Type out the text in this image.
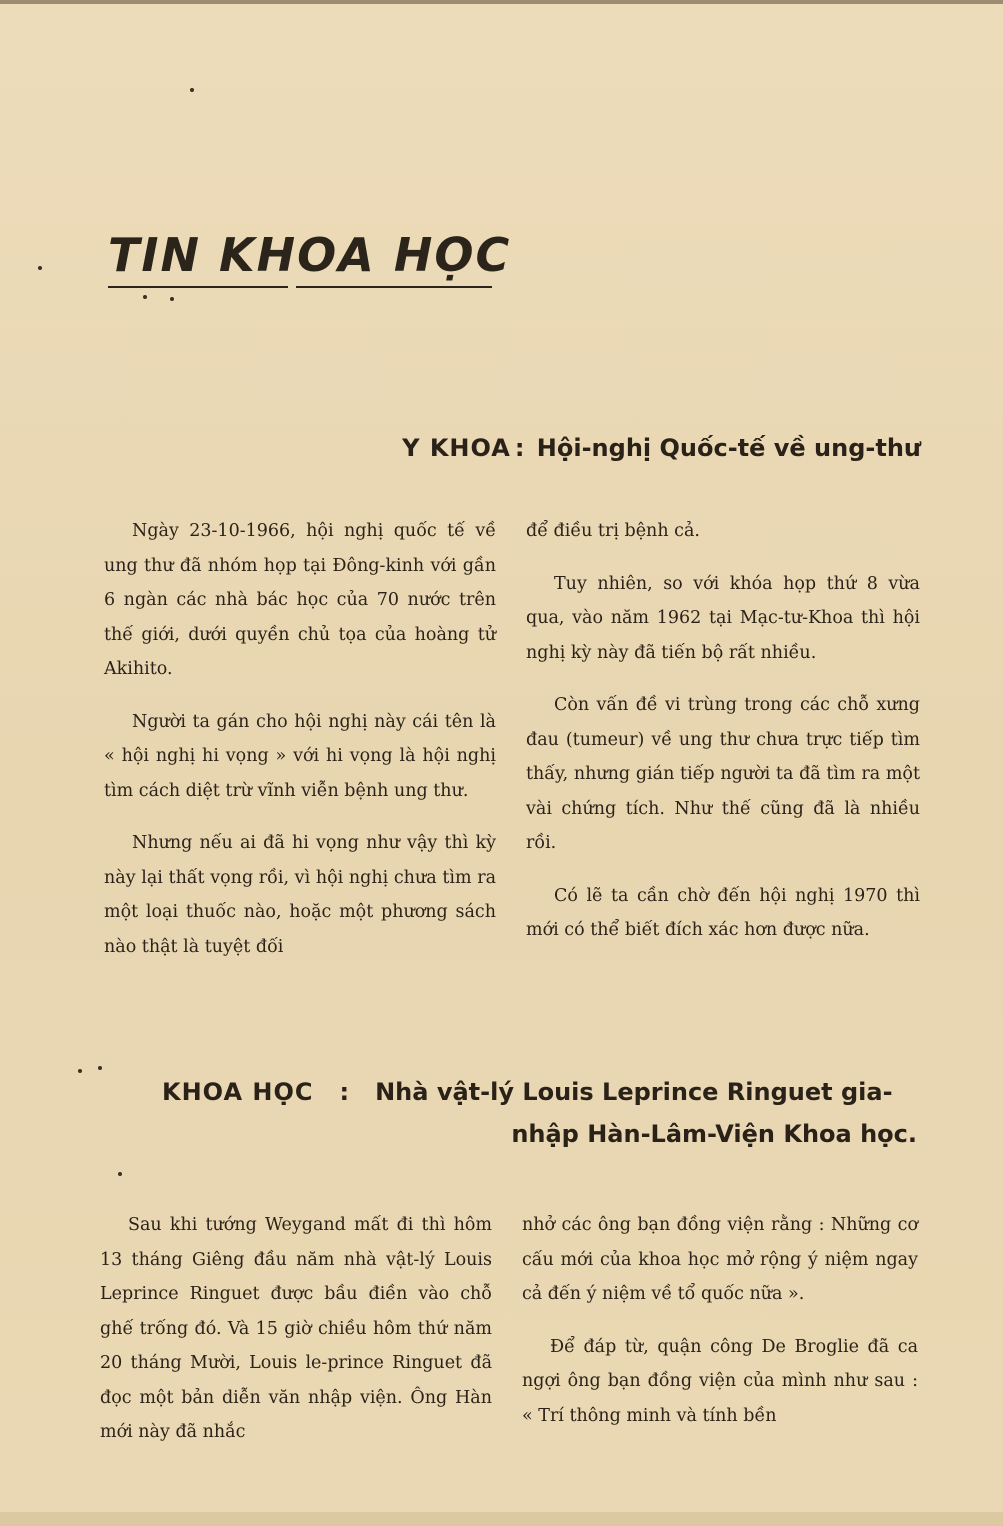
TIN KHOA HỌC
Y KHOA : Hội-nghị Quốc-tế về ung-thư

Ngày 23-10-1966, hội nghị quốc tế về ung thư đã nhóm họp tại Đông-kinh với gần 6 ngàn các nhà bác học của 70 nước trên thế giới, dưới quyền chủ tọa của hoàng tử Akihito.

Người ta gán cho hội nghị này cái tên là « hội nghị hi vọng » với hi vọng là hội nghị tìm cách diệt trừ vĩnh viễn bệnh ung thư.

Nhưng nếu ai đã hi vọng như vậy thì kỳ này lại thất vọng rồi, vì hội nghị chưa tìm ra một loại thuốc nào, hoặc một phương sách nào thật là tuyệt đối

để điều trị bệnh cả.

Tuy nhiên, so với khóa họp thứ 8 vừa qua, vào năm 1962 tại Mạc-tư-Khoa thì hội nghị kỳ này đã tiến bộ rất nhiều.

Còn vấn đề vi trùng trong các chỗ xưng đau (tumeur) về ung thư chưa trực tiếp tìm thấy, nhưng gián tiếp người ta đã tìm ra một vài chứng tích. Như thế cũng đã là nhiều rồi.

Có lẽ ta cần chờ đến hội nghị 1970 thì mới có thể biết đích xác hơn được nữa.

KHOA HỌC : Nhà vật-lý Louis Leprince Ringuet gia-
nhập Hàn-Lâm-Viện Khoa học.

Sau khi tướng Weygand mất đi thì hôm 13 tháng Giêng đầu năm nhà vật-lý Louis Leprince Ringuet được bầu điền vào chỗ ghế trống đó. Và 15 giờ chiều hôm thứ năm 20 tháng Mười, Louis le-prince Ringuet đã đọc một bản diễn văn nhập viện. Ông Hàn mới này đã nhắc

nhở các ông bạn đồng viện rằng : Những cơ cấu mới của khoa học mở rộng ý niệm ngay cả đến ý niệm về tổ quốc nữa ».

Để đáp từ, quận công De Broglie đã ca ngợi ông bạn đồng viện của mình như sau : « Trí thông minh và tính bền
